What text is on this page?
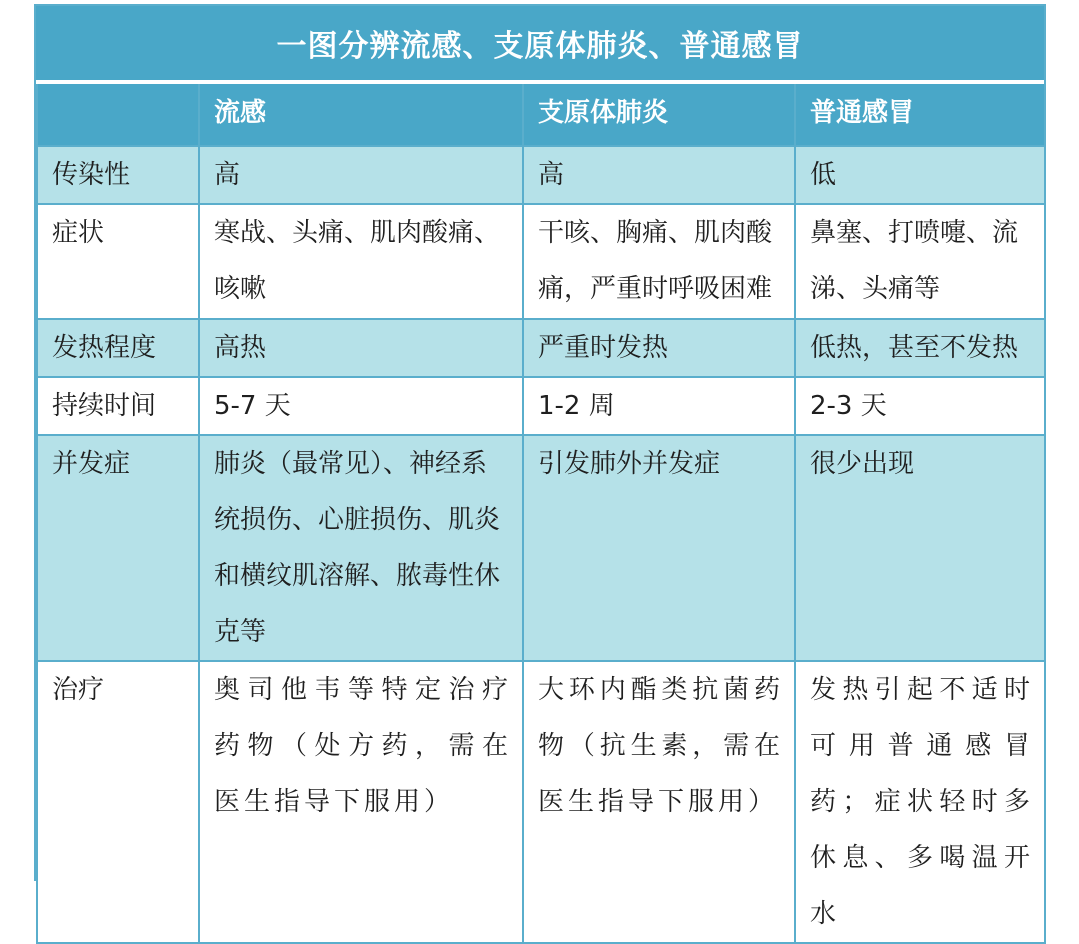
一图分辨流感、支原体肺炎、普通感冒
	流感	支原体肺炎	普通感冒
传染性	高	高	低
症状	寒战、头痛、肌肉酸痛、咳嗽	干咳、胸痛、肌肉酸痛，严重时呼吸困难	鼻塞、打喷嚏、流涕、头痛等
发热程度	高热	严重时发热	低热，甚至不发热
持续时间	5-7 天	1-2 周	2-3 天
并发症	肺炎（最常见）、神经系统损伤、心脏损伤、肌炎和横纹肌溶解、脓毒性休克等	引发肺外并发症	很少出现
治疗	奥司他韦等特定治疗药物（处方药，需在医生指导下服用）	大环内酯类抗菌药物（抗生素，需在医生指导下服用）	发热引起不适时可用普通感冒药；症状轻时多休息、多喝温开水
